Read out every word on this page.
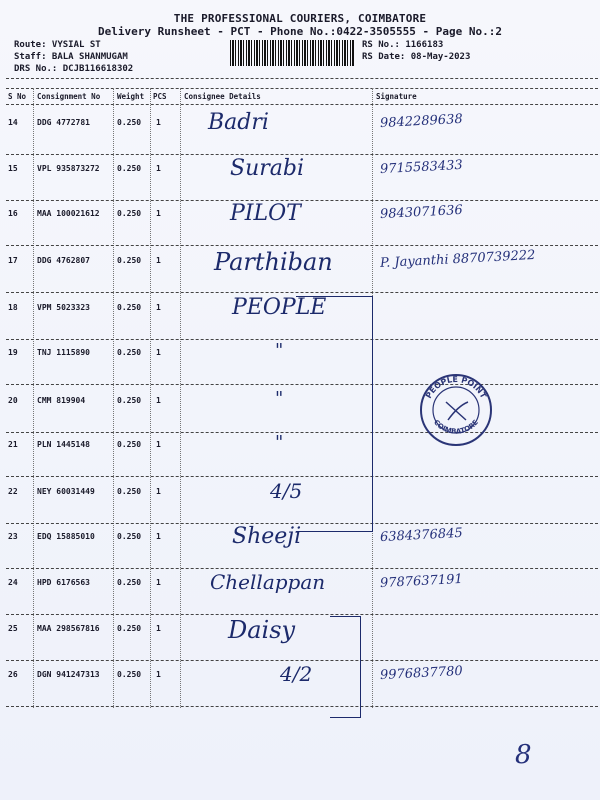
THE PROFESSIONAL COURIERS, COIMBATORE
Delivery Runsheet - PCT - Phone No.:0422-3505555 - Page No.:2
Route: VYSIAL ST
Staff: BALA SHANMUGAM
DRS No.: DCJB116618302
RS No.: 1166183
RS Date: 08-May-2023
S No Consignment No Weight PCS Consignee Details	Signature
14 DDG 4772781	0.250 1 Badri	9842289638
15 VPL 935873272 0.250 1	Surabi	9715583433
16 MAA 100021612 0.250 1	PILOT	9843071636
17 DDG 4762807	0.250 1 Parthiban	P. Jayanthi 8870739222
18 VPM 5023323	0.250 1	PEOPLE
19 TNJ 1115890	0.250 1	"
20 CMM 819904	0.250 1	"
21 PLN 1445148	0.250 1	"
22 NEY 60031449	0.250 1	4/5
23 EDQ 15885010	0.250 1	Sheeji	6384376845
24 HPD 6176563	0.250 1 Chellappan	9787637191
25 MAA 298567816 0.250 1	Daisy
26 DGN 941247313 0.250 1	4/2	9976837780
PEOPLE POINT
COIMBATORE
8
